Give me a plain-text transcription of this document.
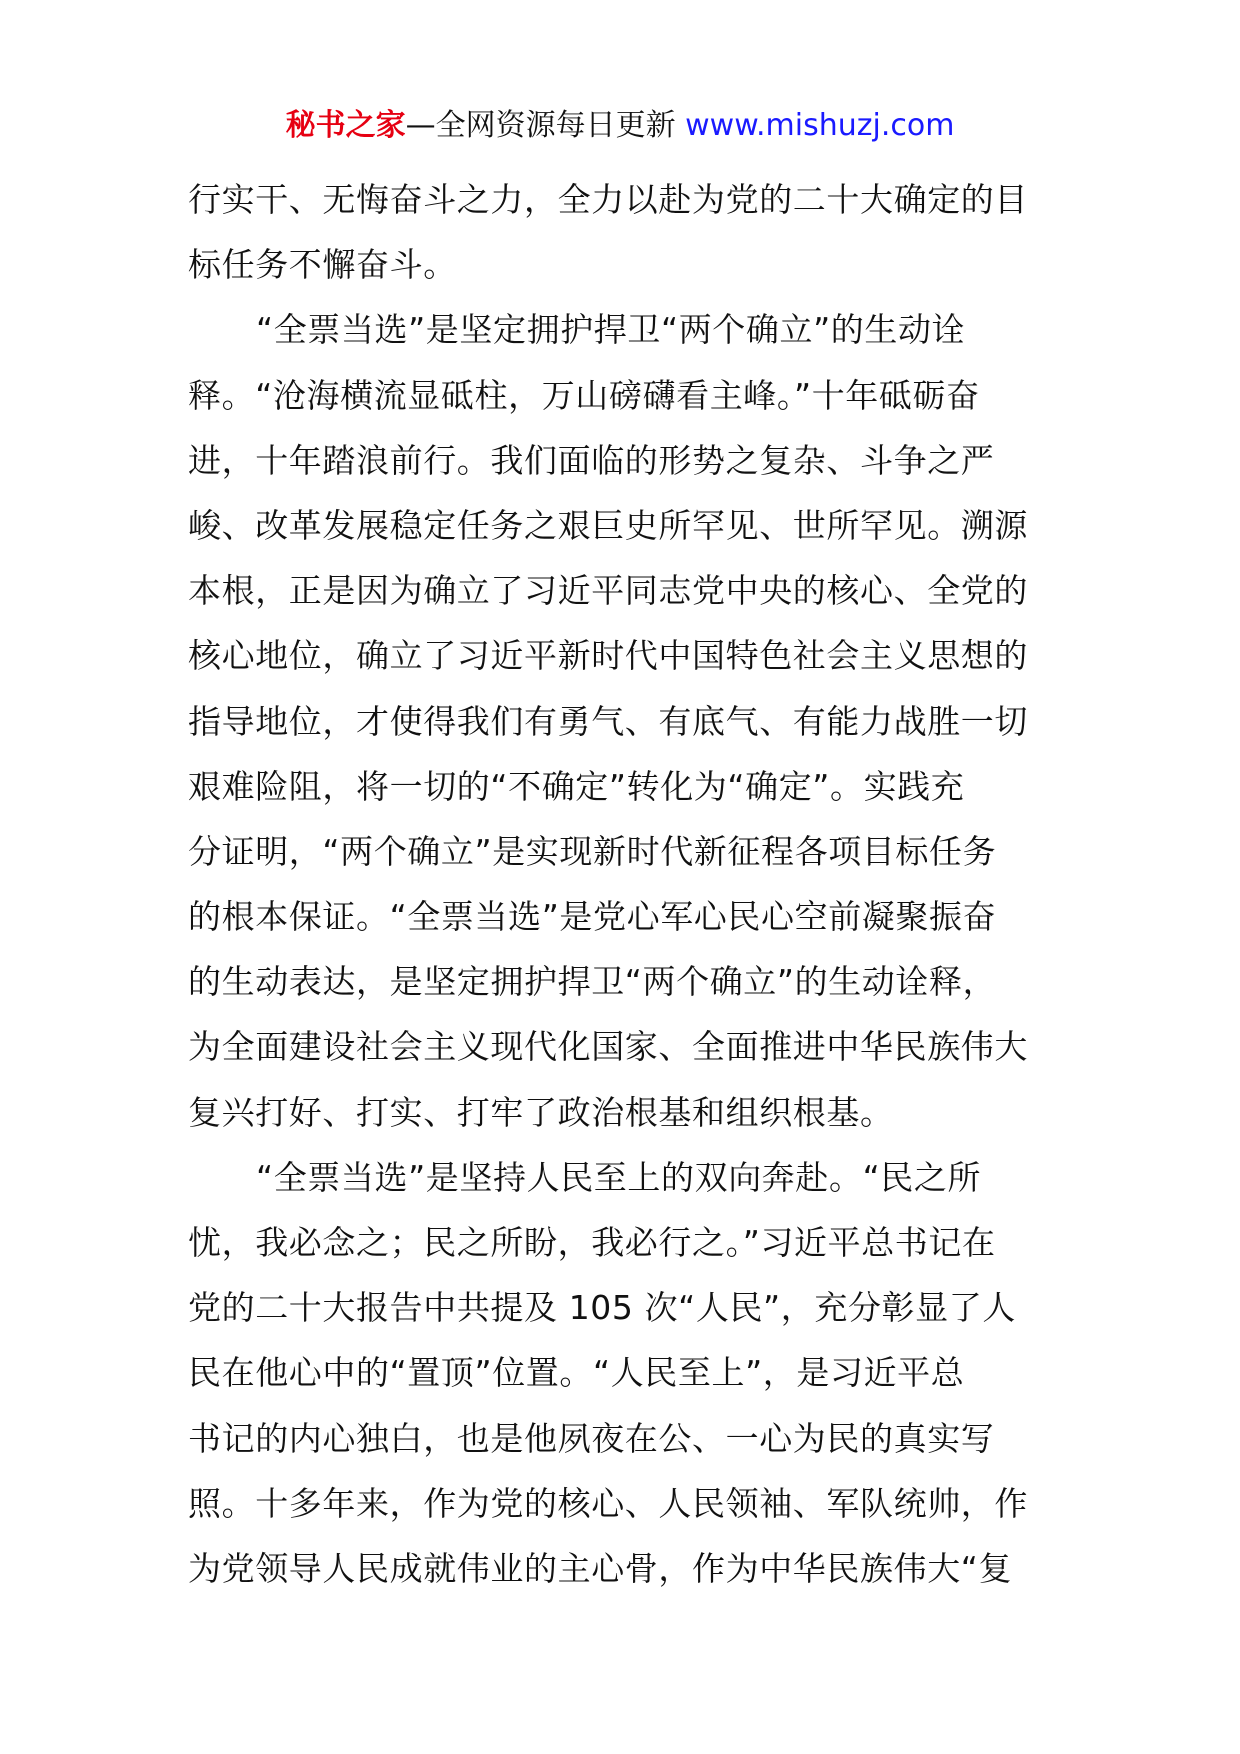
秘书之家—全网资源每日更新 www.mishuzj.com
行实干、无悔奋斗之力，全力以赴为党的二十大确定的目
标任务不懈奋斗。
“全票当选”是坚定拥护捍卫“两个确立”的生动诠
释。“沧海横流显砥柱，万山磅礴看主峰。”十年砥砺奋
进，十年踏浪前行。我们面临的形势之复杂、斗争之严
峻、改革发展稳定任务之艰巨史所罕见、世所罕见。溯源
本根，正是因为确立了习近平同志党中央的核心、全党的
核心地位，确立了习近平新时代中国特色社会主义思想的
指导地位，才使得我们有勇气、有底气、有能力战胜一切
艰难险阻，将一切的“不确定”转化为“确定”。实践充
分证明，“两个确立”是实现新时代新征程各项目标任务
的根本保证。“全票当选”是党心军心民心空前凝聚振奋
的生动表达，是坚定拥护捍卫“两个确立”的生动诠释，
为全面建设社会主义现代化国家、全面推进中华民族伟大
复兴打好、打实、打牢了政治根基和组织根基。
“全票当选”是坚持人民至上的双向奔赴。“民之所
忧，我必念之；民之所盼，我必行之。”习近平总书记在
党的二十大报告中共提及 105 次“人民”，充分彰显了人
民在他心中的“置顶”位置。“人民至上”，是习近平总
书记的内心独白，也是他夙夜在公、一心为民的真实写
照。十多年来，作为党的核心、人民领袖、军队统帅，作
为党领导人民成就伟业的主心骨，作为中华民族伟大“复
